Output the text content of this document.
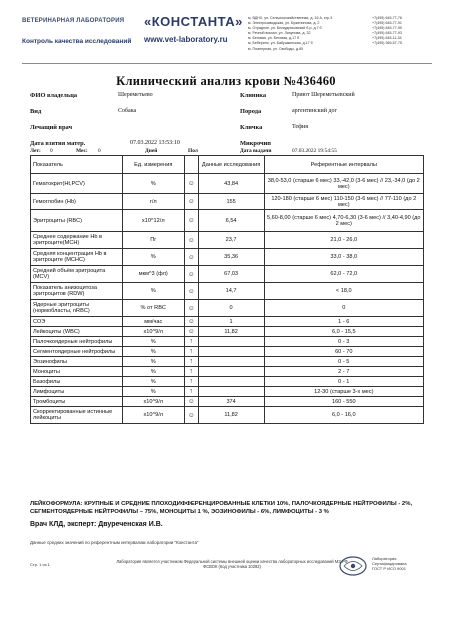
ВЕТЕРИНАРНАЯ ЛАБОРАТОРИЯ «КОНСТАНТА»
Контроль качества исследований www.vet-laboratory.ru
м. ВДНХ, ул. Сельскохозяйственная, д. 16 А, стр.3
м. Электрозаводская, ул. Буженинова, д. 2
м. Отрадное, ул. Бескудниковский б-р, д.7 б
м. Речной вокзал, ул. Ляпунова, д. 32
м. Беговая, ул. Беговая, д.17 б
м. Беберино, ул. Бабушкинская, д.17 б
м. Планерная, ул. Свободы, д.65
+7(495) 645-77-76
+7(495) 645-77-91
+7(495) 645-77-90
+7(495) 645-77-93
+7(495) 645-11-34
+7(495) 369-57-75
Клинический анализ крови №436460
ФИО владельца	Шереметьево	Клиника	Приют Шереметьевский
Вид	Собака	Порода	аргентинский дог
Лечащий врач	Кличка	Тефия
Дата взятия матер.	07.03.2022 13:53:10	Микрочип
Лет: 0	Мес: 0	Дней	Пол	Дата выдачи	07.03.2022 19:54:55
Показатель	Ед. измерения		Данные исследования	Референтные интервалы
Гематокрит(Ht,PCV)	%	☺	43,84	38,0-53,0 (старше 6 мес) 33,-42,0 (3-6 мес) // 23,-34,0 (до 2 мес)
Гемоглобин (Hb)	г/л	☺	155	120-180 (старше 6 мес) 110-150 (3-6 мес) // 77-110 (до 2 мес)
Эритроциты (RBC)	x10^12/л	☺	6,54	5,60-8,00 (старше 6 мес) 4,70-6,30 (3-6 мес) // 3,40-4,90 (до 2 мес)
Среднее содержание Hb в эритроците(MCH)	Пг	☺	23,7	21,0 - 26,0
Средняя концентрация Hb в эритроците (MCHC)	%	☺	35,36	33,0 - 38,0
Средний объём эритроцита (MCV)	мкм^3 (фл)	☺	67,03	62,0 - 72,0
Показатель анизоцитоза эритроцитов (RDW)	%	☺	14,7	< 18,0
Ядерные эритроциты (нормобласты, nRBC)	% от RBC	☺	0	0
СОЭ	мм/час	☺	1	1 - 6
Лейкоциты (WBC)	x10^9/л	☺	11,82	6,0 - 15,5
Палочкоядерные нейтрофилы	%	↑		0 - 3
Сегментоядерные нейтрофилы	%	↑		60 - 70
Эозинофилы	%	↑		0 - 5
Моноциты	%	↑		2 - 7
Базофилы	%	↑		0 - 1
Лимфоциты	%	↑		12-30 (старше 3-х мес)
Тромбоциты	x10^9/л	☺	374	160 - 550
Скорректированные истинные лейкоциты	x10^9/л	☺	11,82	6,0 - 16,0
ЛЕЙКОФОРМУЛА: КРУПНЫЕ И СРЕДНИЕ ПЛОХОДИФФЕРЕНЦИРОВАННЫЕ КЛЕТКИ 10%, ПАЛОЧКОЯДЕРНЫЕ НЕЙТРОФИЛЫ - 2%, СЕГМЕНТОЯДЕРНЫЕ НЕЙТРОФИЛЫ – 75%, МОНОЦИТЫ 1 %, ЭОЗИНОФИЛЫ - 6%, ЛИМФОЦИТЫ - 3 %
Врач КЛД, эксперт: Двуреченская И.В.
Данные средних значений по референтным интервалам лаборатории "Константа"
Стр. 1 из 1
Лаборатория является участником Федеральной системы внешней оценки качества лабораторных исследований МЗ РФ ФСВОК (Код участника 10292)
Лаборатория
Сертифицирована
ГОСТ Р ИСО 9001
